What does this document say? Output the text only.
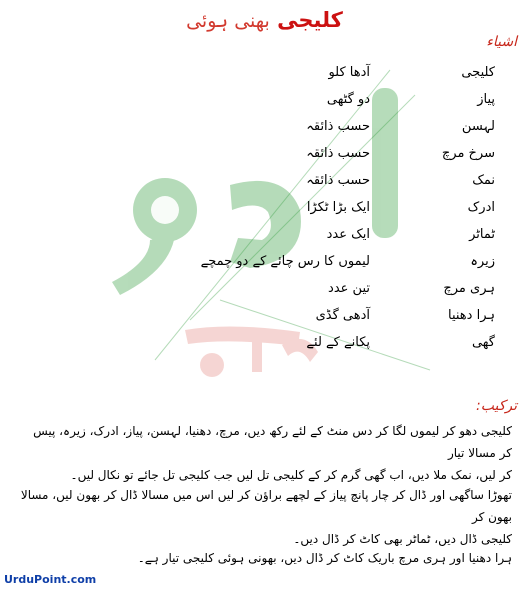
کلیجی بھنی ہوئی
اشیاء
کلیجی
آدھا کلو
پیاز
دو گٹھی
لہسن
حسب ذائقہ
سرخ مرچ
حسب ذائقہ
نمک
حسب ذائقہ
ادرک
ایک بڑا ٹکڑا
ٹماٹر
ایک عدد
زیرہ
لیموں کا رس چائے کے دو چمچے
ہری مرچ
تین عدد
ہرا دھنیا
آدھی گڈی
گھی
پکانے کے لئے
ترکیب:
کلیجی دھو کر لیموں لگا کر دس منٹ کے لئے رکھ دیں، مرچ، دھنیا، لہسن، پیاز، ادرک، زیرہ، پیس کر مسالا تیار
کر لیں، نمک ملا دیں، اب گھی گرم کر کے کلیجی تل لیں جب کلیجی تل جائے تو نکال لیں۔
تھوڑا ساگھی اور ڈال کر چار پانچ پیاز کے لچھے براؤن کر لیں اس میں مسالا ڈال کر بھون لیں، مسالا بھون کر
کلیجی ڈال دیں، ٹماٹر بھی کاٹ کر ڈال دیں۔
ہرا دھنیا اور ہری مرچ باریک کاٹ کر ڈال دیں، بھونی ہوئی کلیجی تیار ہے۔
UrduPoint.com
